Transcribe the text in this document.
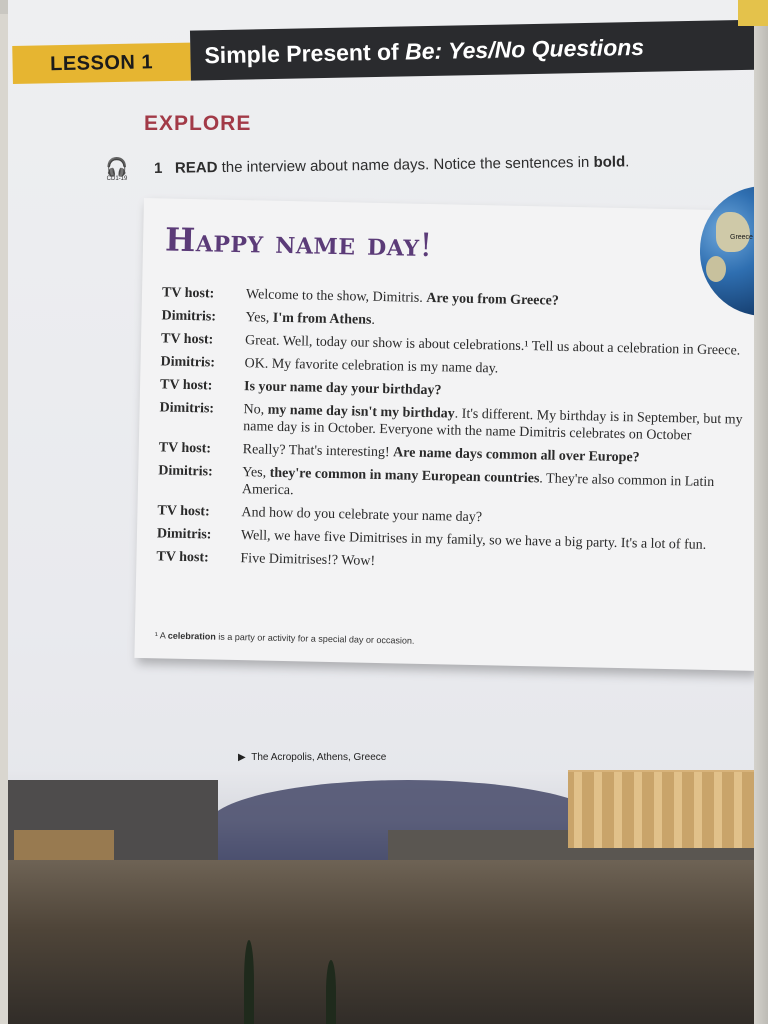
LESSON 1 Simple Present of Be: Yes/No Questions
EXPLORE
🎧
CD1-19
1 READ the interview about name days. Notice the sentences in bold.
Happy name day!
TV host:	Welcome to the show, Dimitris. Are you from Greece?
Dimitris:	Yes, I'm from Athens.
TV host:	Great. Well, today our show is about celebrations.¹ Tell us about a celebration in Greece.
Dimitris:	OK. My favorite celebration is my name day.
TV host:	Is your name day your birthday?
Dimitris:	No, my name day isn't my birthday. It's different. My birthday is in September, but my name day is in October. Everyone with the name Dimitris celebrates on October
TV host:	Really? That's interesting! Are name days common all over Europe?
Dimitris:	Yes, they're common in many European countries. They're also common in Latin America.
TV host:	And how do you celebrate your name day?
Dimitris:	Well, we have five Dimitrises in my family, so we have a big party. It's a lot of fun.
TV host:	Five Dimitrises!? Wow!
¹ A celebration is a party or activity for a special day or occasion.
Greece
▶  The Acropolis, Athens, Greece
